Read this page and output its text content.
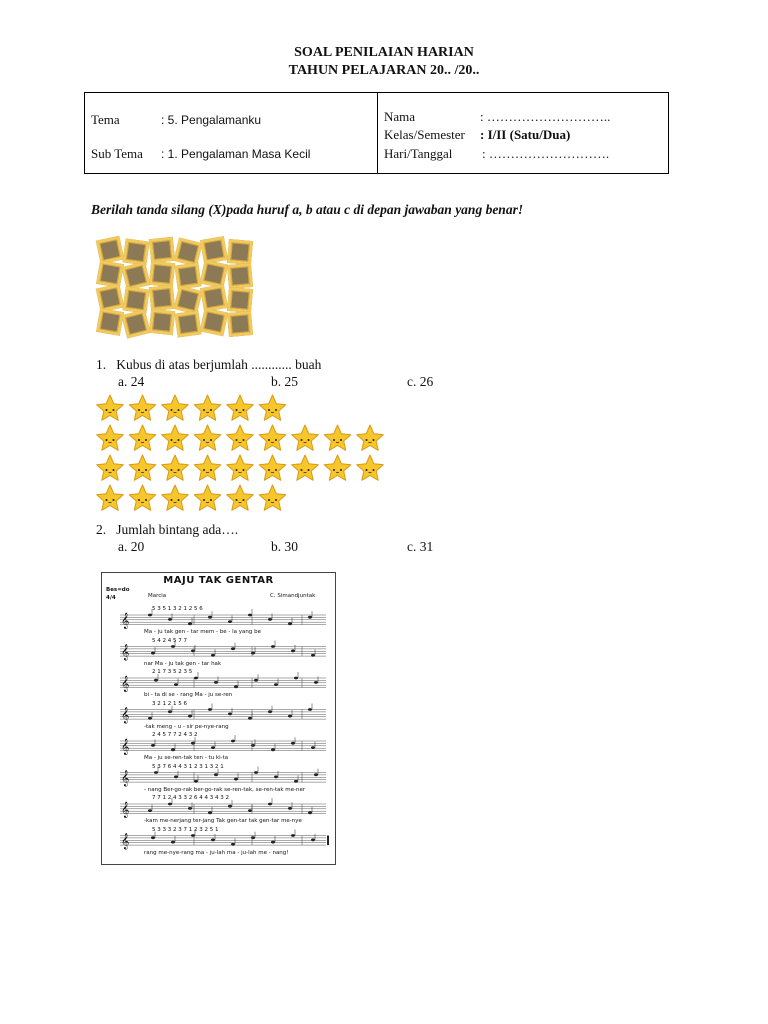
SOAL PENILAIAN HARIAN
TAHUN PELAJARAN 20.. /20..
Tema	: 5. Pengalamanku
Sub Tema : 1. Pengalaman Masa Kecil
Nama	: ………………………..
Kelas/Semester : I/II (Satu/Dua)
Hari/Tanggal : ……………………….
Berilah tanda silang (X)pada huruf a, b atau c di depan jawaban yang benar!
1. Kubus di atas berjumlah ............ buah
a. 24	b. 25	c. 26
2. Jumlah bintang ada….
a. 20	b. 30	c. 31
MAJU TAK GENTAR
Bes=do
4/4	Marcia	C. Simandjuntak
𝄞
𝄞
𝄞
𝄞
𝄞
𝄞
𝄞
𝄞
5 3 5 1 3 2 1 2 5 6
Ma - ju tak gen - tar mem - be - la yang be
5 4 2 4 5 7 7
nar Ma - ju tak gen - tar hak
2 1 7 3 5 2 3 5
bi - ta di se - rang Ma - ju se-ren
3 2 1 2 1 5 6
-tak meng - u - sir pe-nye-rang
2 4 5 7 7 2 4 3 2
Ma - ju se-ren-tak ten - tu ki-ta
5 3 7 6 4 4 3 1 2 3 1 3 2 1
- nang Ber-go-rak ber-go-rak se-ren-tak, se-ren-tak me-ner
7 7 1 2 4 3 3 2 6 4 4 3 4 3 2
-kam me-nerjang ter-jang Tak gen-tar tak gen-tar me-nye
5 3 3 3 2 3 7 1 2 3 2 5 1
rang me-nye-rang ma - ju-lah ma - ju-lah me - nang!
